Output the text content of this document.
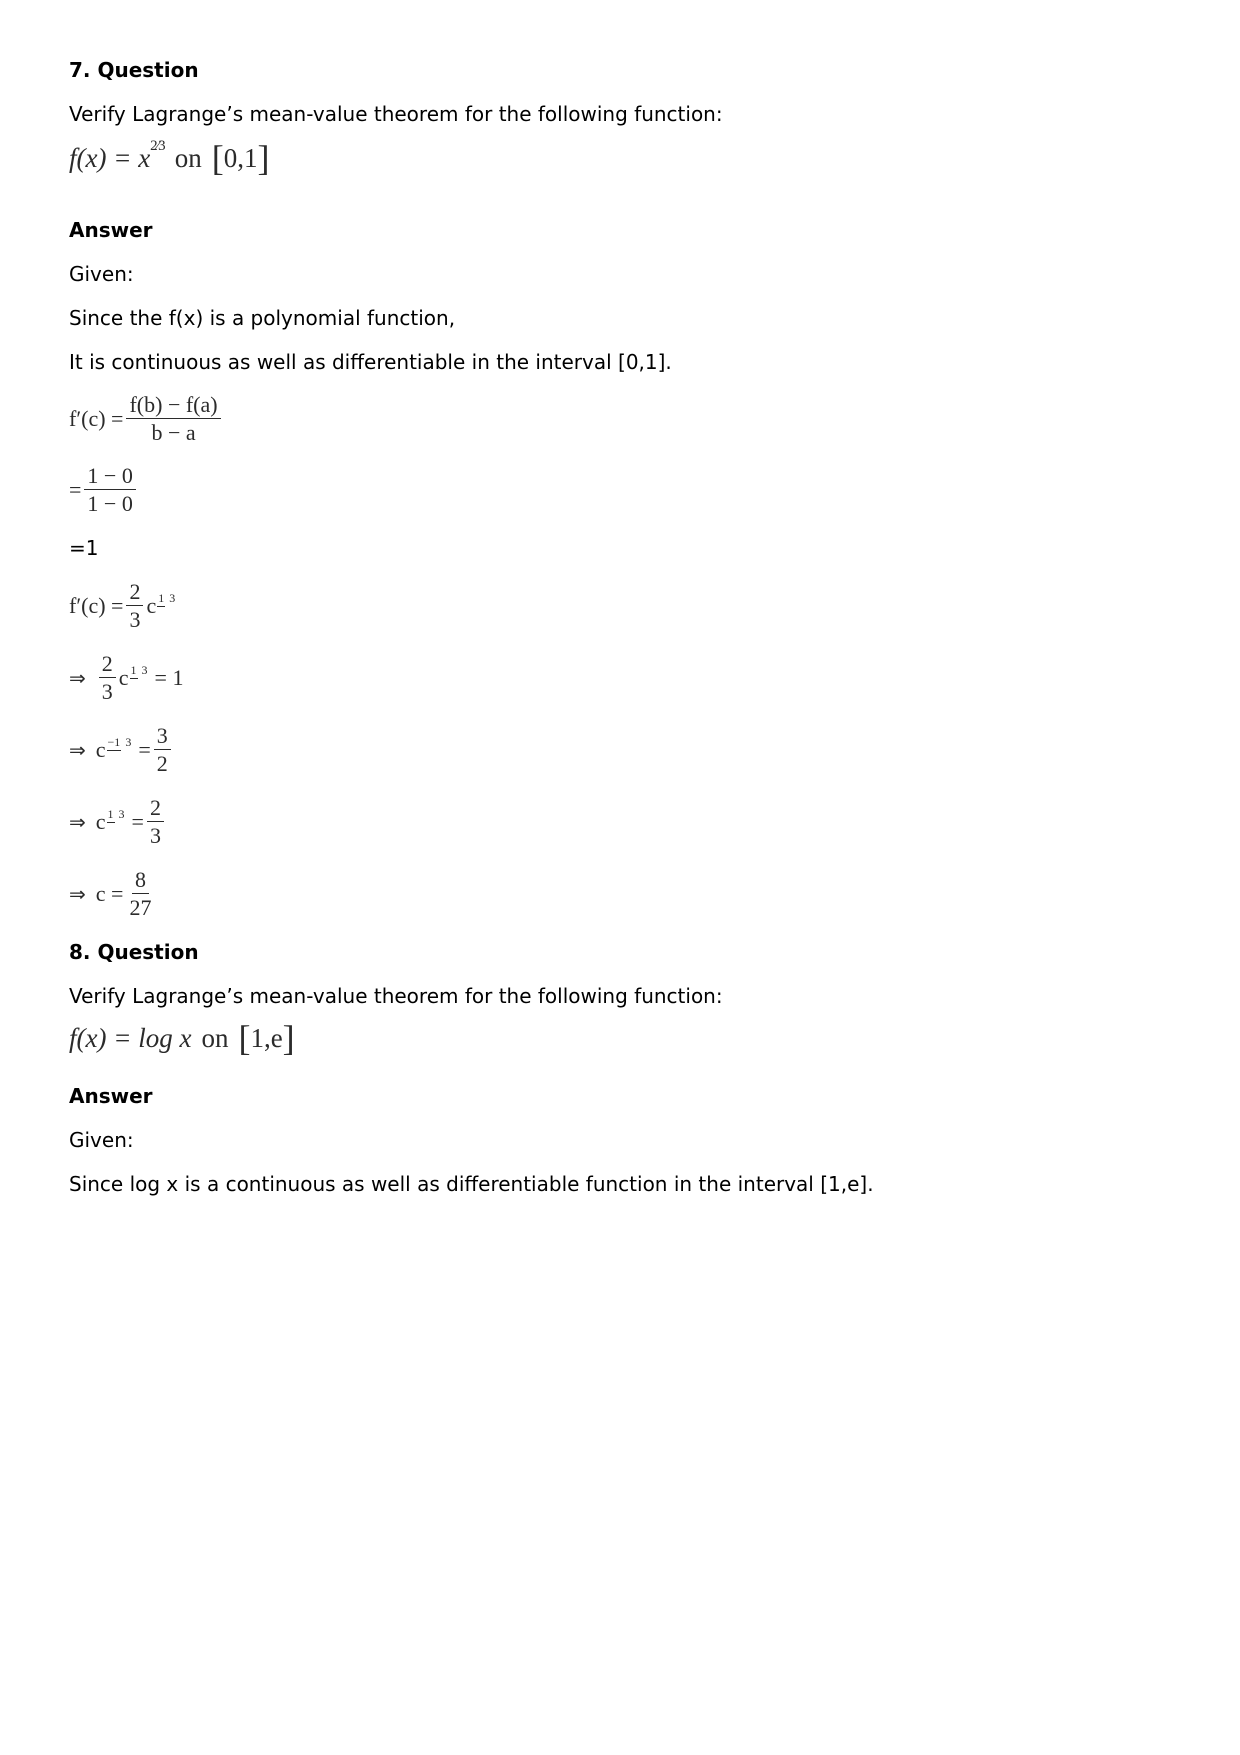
7. Question
Verify Lagrange’s mean-value theorem for the following function:
f(x) = x 2⁄3 on [ 0,1 ]
Answer
Given:
Since the f(x) is a polynomial function,
It is continuous as well as differentiable in the interval [0,1].
$f'(c) = \frac{f(b) - f(a)}{b - a}$
= $\frac{1 - 0}{1 - 0}$
=1
$f'(c) = \frac{2}{3}$ c 1 3
⇒ $\frac{2}{3}$ c 1 3 = 1
⇒ c −1 $3 = \frac{3}{2}$
⇒ c 1 $3 = \frac{2}{3}$
⇒ $c = \frac{8}{27}$
8. Question
Verify Lagrange’s mean-value theorem for the following function:
f(x) = log x on [ 1,e ]
Answer
Given:
Since log x is a continuous as well as differentiable function in the interval [1,e].
